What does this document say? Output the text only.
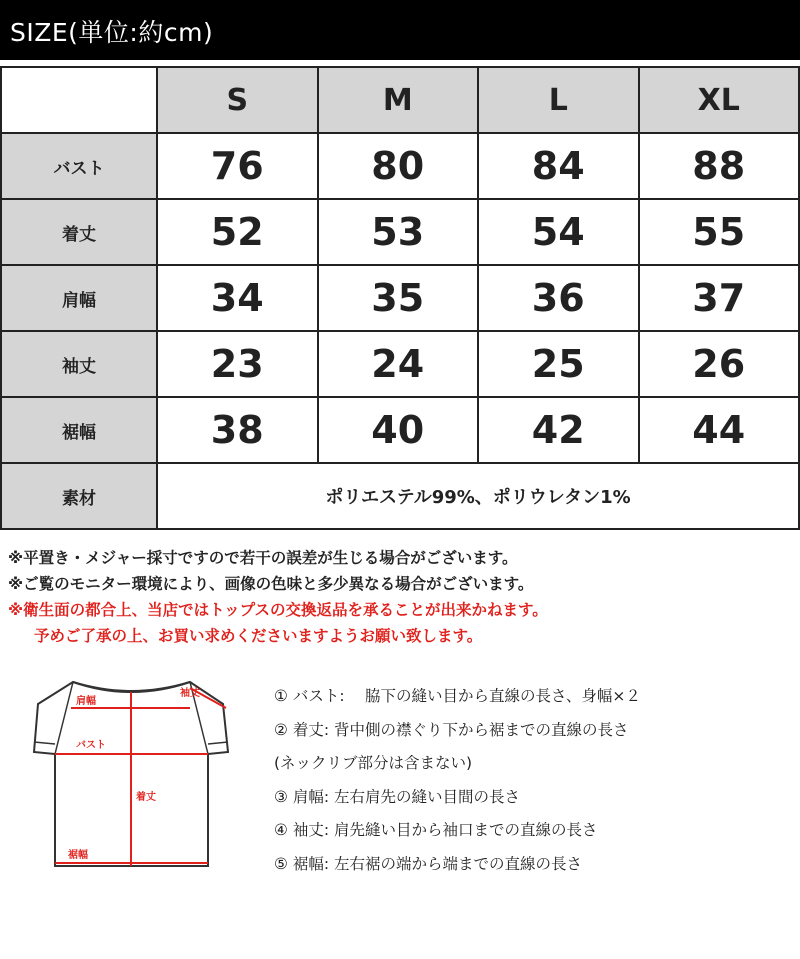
SIZE(単位:約cm)
	S	M	L	XL
バスト	76	80	84	88
着丈	52	53	54	55
肩幅	34	35	36	37
袖丈	23	24	25	26
裾幅	38	40	42	44
素材	ポリエステル99%、ポリウレタン1%			
※平置き・メジャー採寸ですので若干の誤差が生じる場合がございます。
※ご覧のモニター環境により、画像の色味と多少異なる場合がございます。
※衛生面の都合上、当店ではトップスの交換返品を承ることが出来かねます。
予めご了承の上、お買い求めくださいますようお願い致します。
袖丈
肩幅
バスト
着丈
裾幅
① バスト:　 脇下の縫い目から直線の長さ、身幅×２
② 着丈: 背中側の襟ぐり下から裾までの直線の長さ
(ネックリブ部分は含まない)
③ 肩幅: 左右肩先の縫い目間の長さ
④ 袖丈: 肩先縫い目から袖口までの直線の長さ
⑤ 裾幅: 左右裾の端から端までの直線の長さ
